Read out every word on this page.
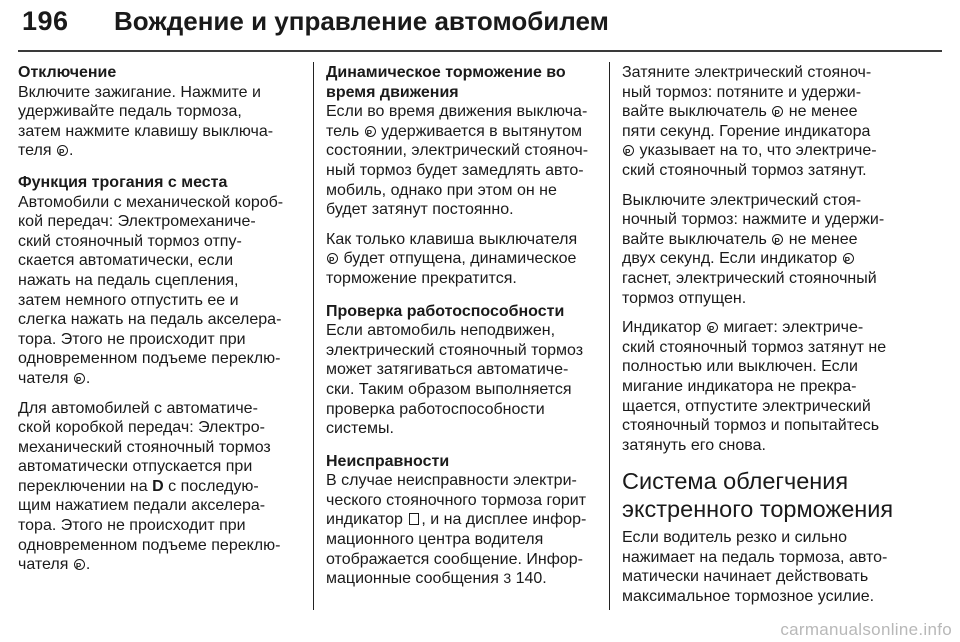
196 Вождение и управление автомобилем
Отключение
Включите зажигание. Нажмите и
удерживайте педаль тормоза,
затем нажмите клавишу выключа-
теля P .
Функция трогания с места
Автомобили с механической короб-
кой передач: Электромеханиче-
ский стояночный тормоз отпу-
скается автоматически, если
нажать на педаль сцепления,
затем немного отпустить ее и
слегка нажать на педаль акселера-
тора. Этого не происходит при
одновременном подъеме переклю-
чателя P .
Для автомобилей с автоматиче-
ской коробкой передач: Электро-
механический стояночный тормоз
автоматически отпускается при
переключении на D с последую-
щим нажатием педали акселера-
тора. Этого не происходит при
одновременном подъеме переклю-
чателя P .
Динамическое торможение во
время движения
Если во время движения выключа-
тель P удерживается в вытянутом
состоянии, электрический стояноч-
ный тормоз будет замедлять авто-
мобиль, однако при этом он не
будет затянут постоянно.
Как только клавиша выключателя
P будет отпущена, динамическое
торможение прекратится.
Проверка работоспособности
Если автомобиль неподвижен,
электрический стояночный тормоз
может затягиваться автоматиче-
ски. Таким образом выполняется
проверка работоспособности
системы.
Неисправности
В случае неисправности электри-
ческого стояночного тормоза горит
индикатор , и на дисплее инфор-
мационного центра водителя
отображается сообщение. Инфор-
мационные сообщения 3 140.
Затяните электрический стояноч-
ный тормоз: потяните и удержи-
вайте выключатель P не менее
пяти секунд. Горение индикатора
P указывает на то, что электриче-
ский стояночный тормоз затянут.
Выключите электрический стоя-
ночный тормоз: нажмите и удержи-
вайте выключатель P не менее
двух секунд. Если индикатор P
гаснет, электрический стояночный
тормоз отпущен.
Индикатор P мигает: электриче-
ский стояночный тормоз затянут не
полностью или выключен. Если
мигание индикатора не прекра-
щается, отпустите электрический
стояночный тормоз и попытайтесь
затянуть его снова.
Система облегчения
экстренного торможения
Если водитель резко и сильно
нажимает на педаль тормоза, авто-
матически начинает действовать
максимальное тормозное усилие.
carmanualsonline.info
